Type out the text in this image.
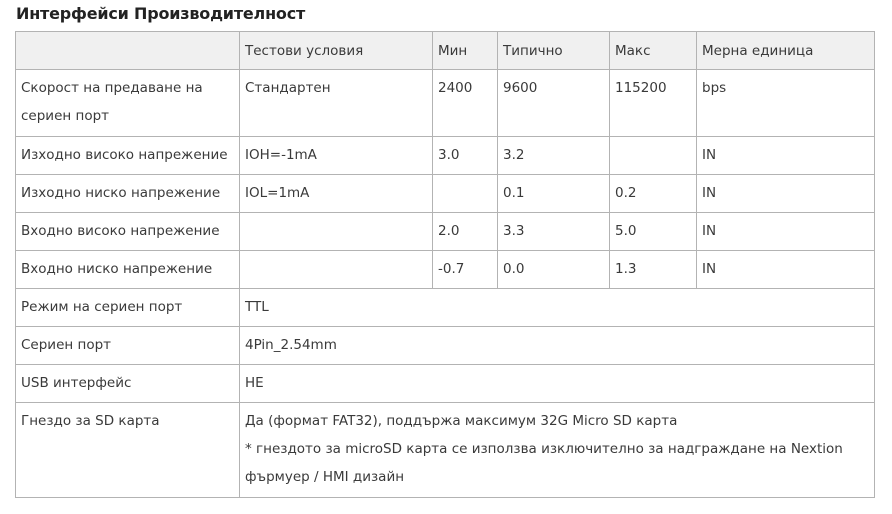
Интерфейси Производителност
	Тестови условия	Мин	Типично	Макс	Мерна единица
Скорост на предаване на сериен порт	Стандартен	2400	9600	115200	bps
Изходно високо напрежение	IOH=-1mA	3.0	3.2		IN
Изходно ниско напрежение	IOL=1mA		0.1	0.2	IN
Входно високо напрежение		2.0	3.3	5.0	IN
Входно ниско напрежение		-0.7	0.0	1.3	IN
Режим на сериен порт	TTL				
Сериен порт	4Pin_2.54mm				
USB интерфейс	НЕ				
Гнездо за SD карта	Да (формат FAT32), поддържа максимум 32G Micro SD карта
* гнездото за microSD карта се използва изключително за надграждане на Nextion фърмуер / HMI дизайн				
